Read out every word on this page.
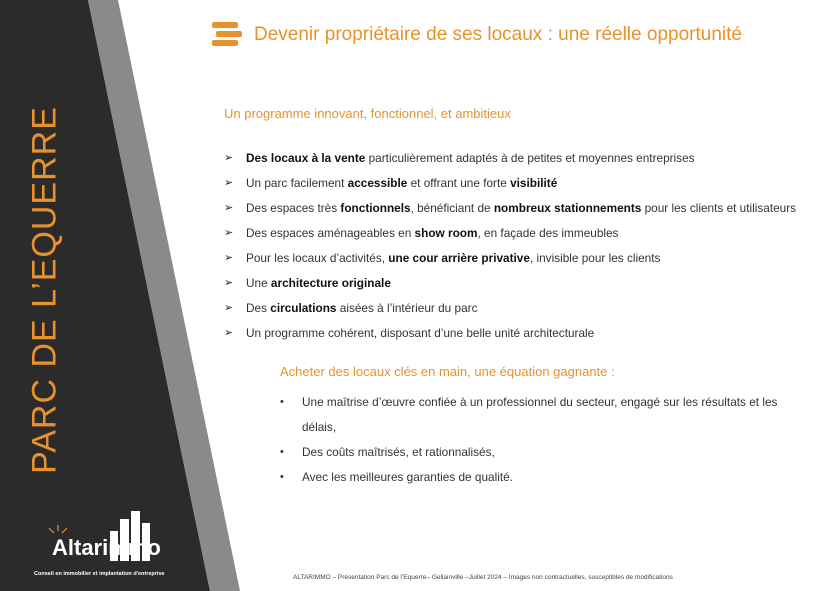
PARC DE L’EQUERRE
Altarimmo
Conseil en immobilier et implantation d'entreprise
Devenir propriétaire de ses locaux : une réelle opportunité
Un programme innovant, fonctionnel, et ambitieux
➢	Des locaux à la vente particulièrement adaptés à de petites et moyennes entreprises
➢	Un parc facilement accessible et offrant une forte visibilité
➢	Des espaces très fonctionnels, bénéficiant de nombreux stationnements pour les clients et utilisateurs
➢	Des espaces aménageables en show room, en façade des immeubles
➢	Pour les locaux d’activités, une cour arrière privative, invisible pour les clients
➢	Une architecture originale
➢	Des circulations aisées à l’intérieur du parc
➢	Un programme cohérent, disposant d’une belle unité architecturale
Acheter des locaux clés en main, une équation gagnante :
•	Une maîtrise d’œuvre confiée à un professionnel du secteur, engagé sur les résultats et les délais,
•	Des coûts maîtrisés, et rationnalisés,
•	Avec les meilleures garanties de qualité.
ALTARIMMO – Présentation Parc de l’Equerre– Gellainville –Juillet 2024 – Images non contractuelles, susceptibles de modifications
